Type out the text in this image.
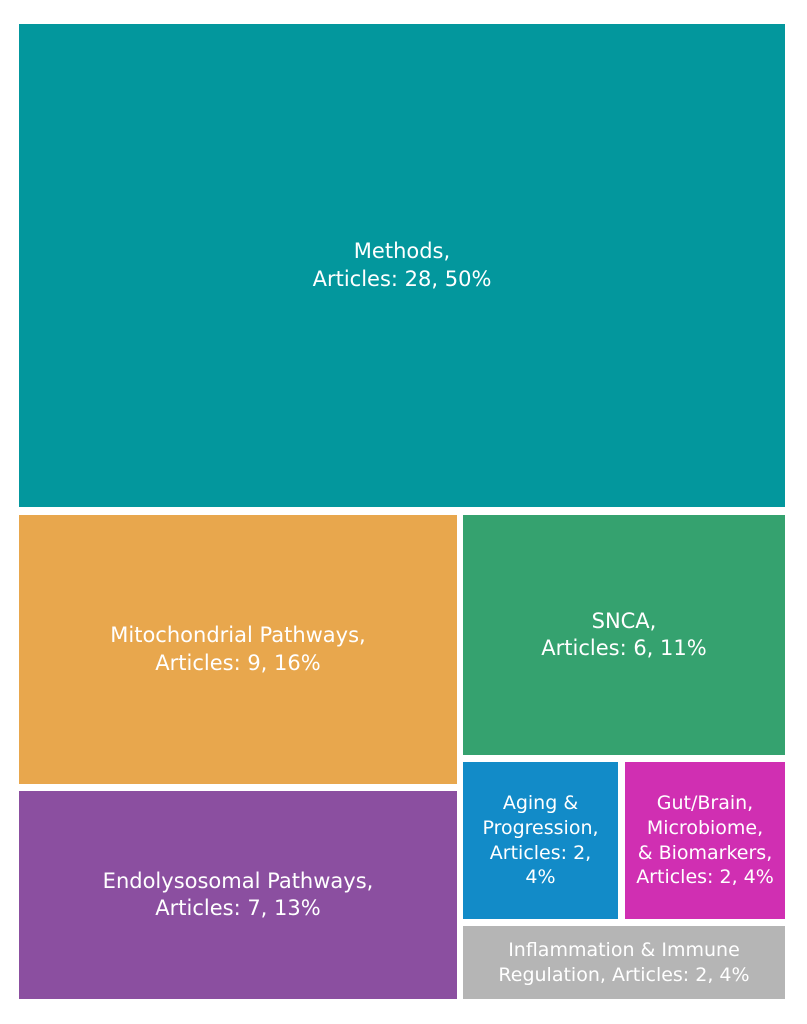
Methods,
Articles: 28, 50%
Mitochondrial Pathways,
Articles: 9, 16%
SNCA,
Articles: 6, 11%
Endolysosomal Pathways,
Articles: 7, 13%
Aging &
Progression,
Articles: 2,
4%
Gut/Brain,
Microbiome,
& Biomarkers,
Articles: 2, 4%
Inflammation & Immune
Regulation, Articles: 2, 4%
